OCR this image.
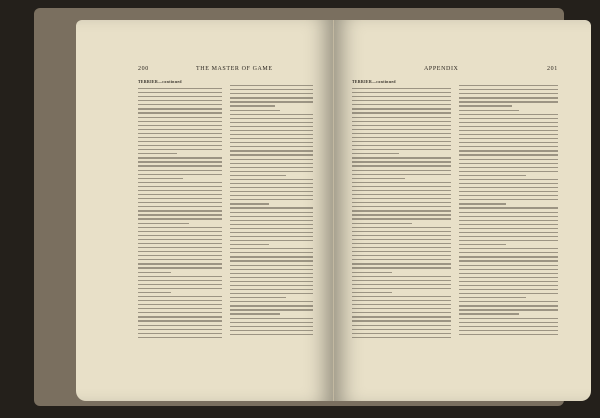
200	THE MASTER OF GAME
TERRIER—continued
APPENDIX	201
TERRIER—continued
